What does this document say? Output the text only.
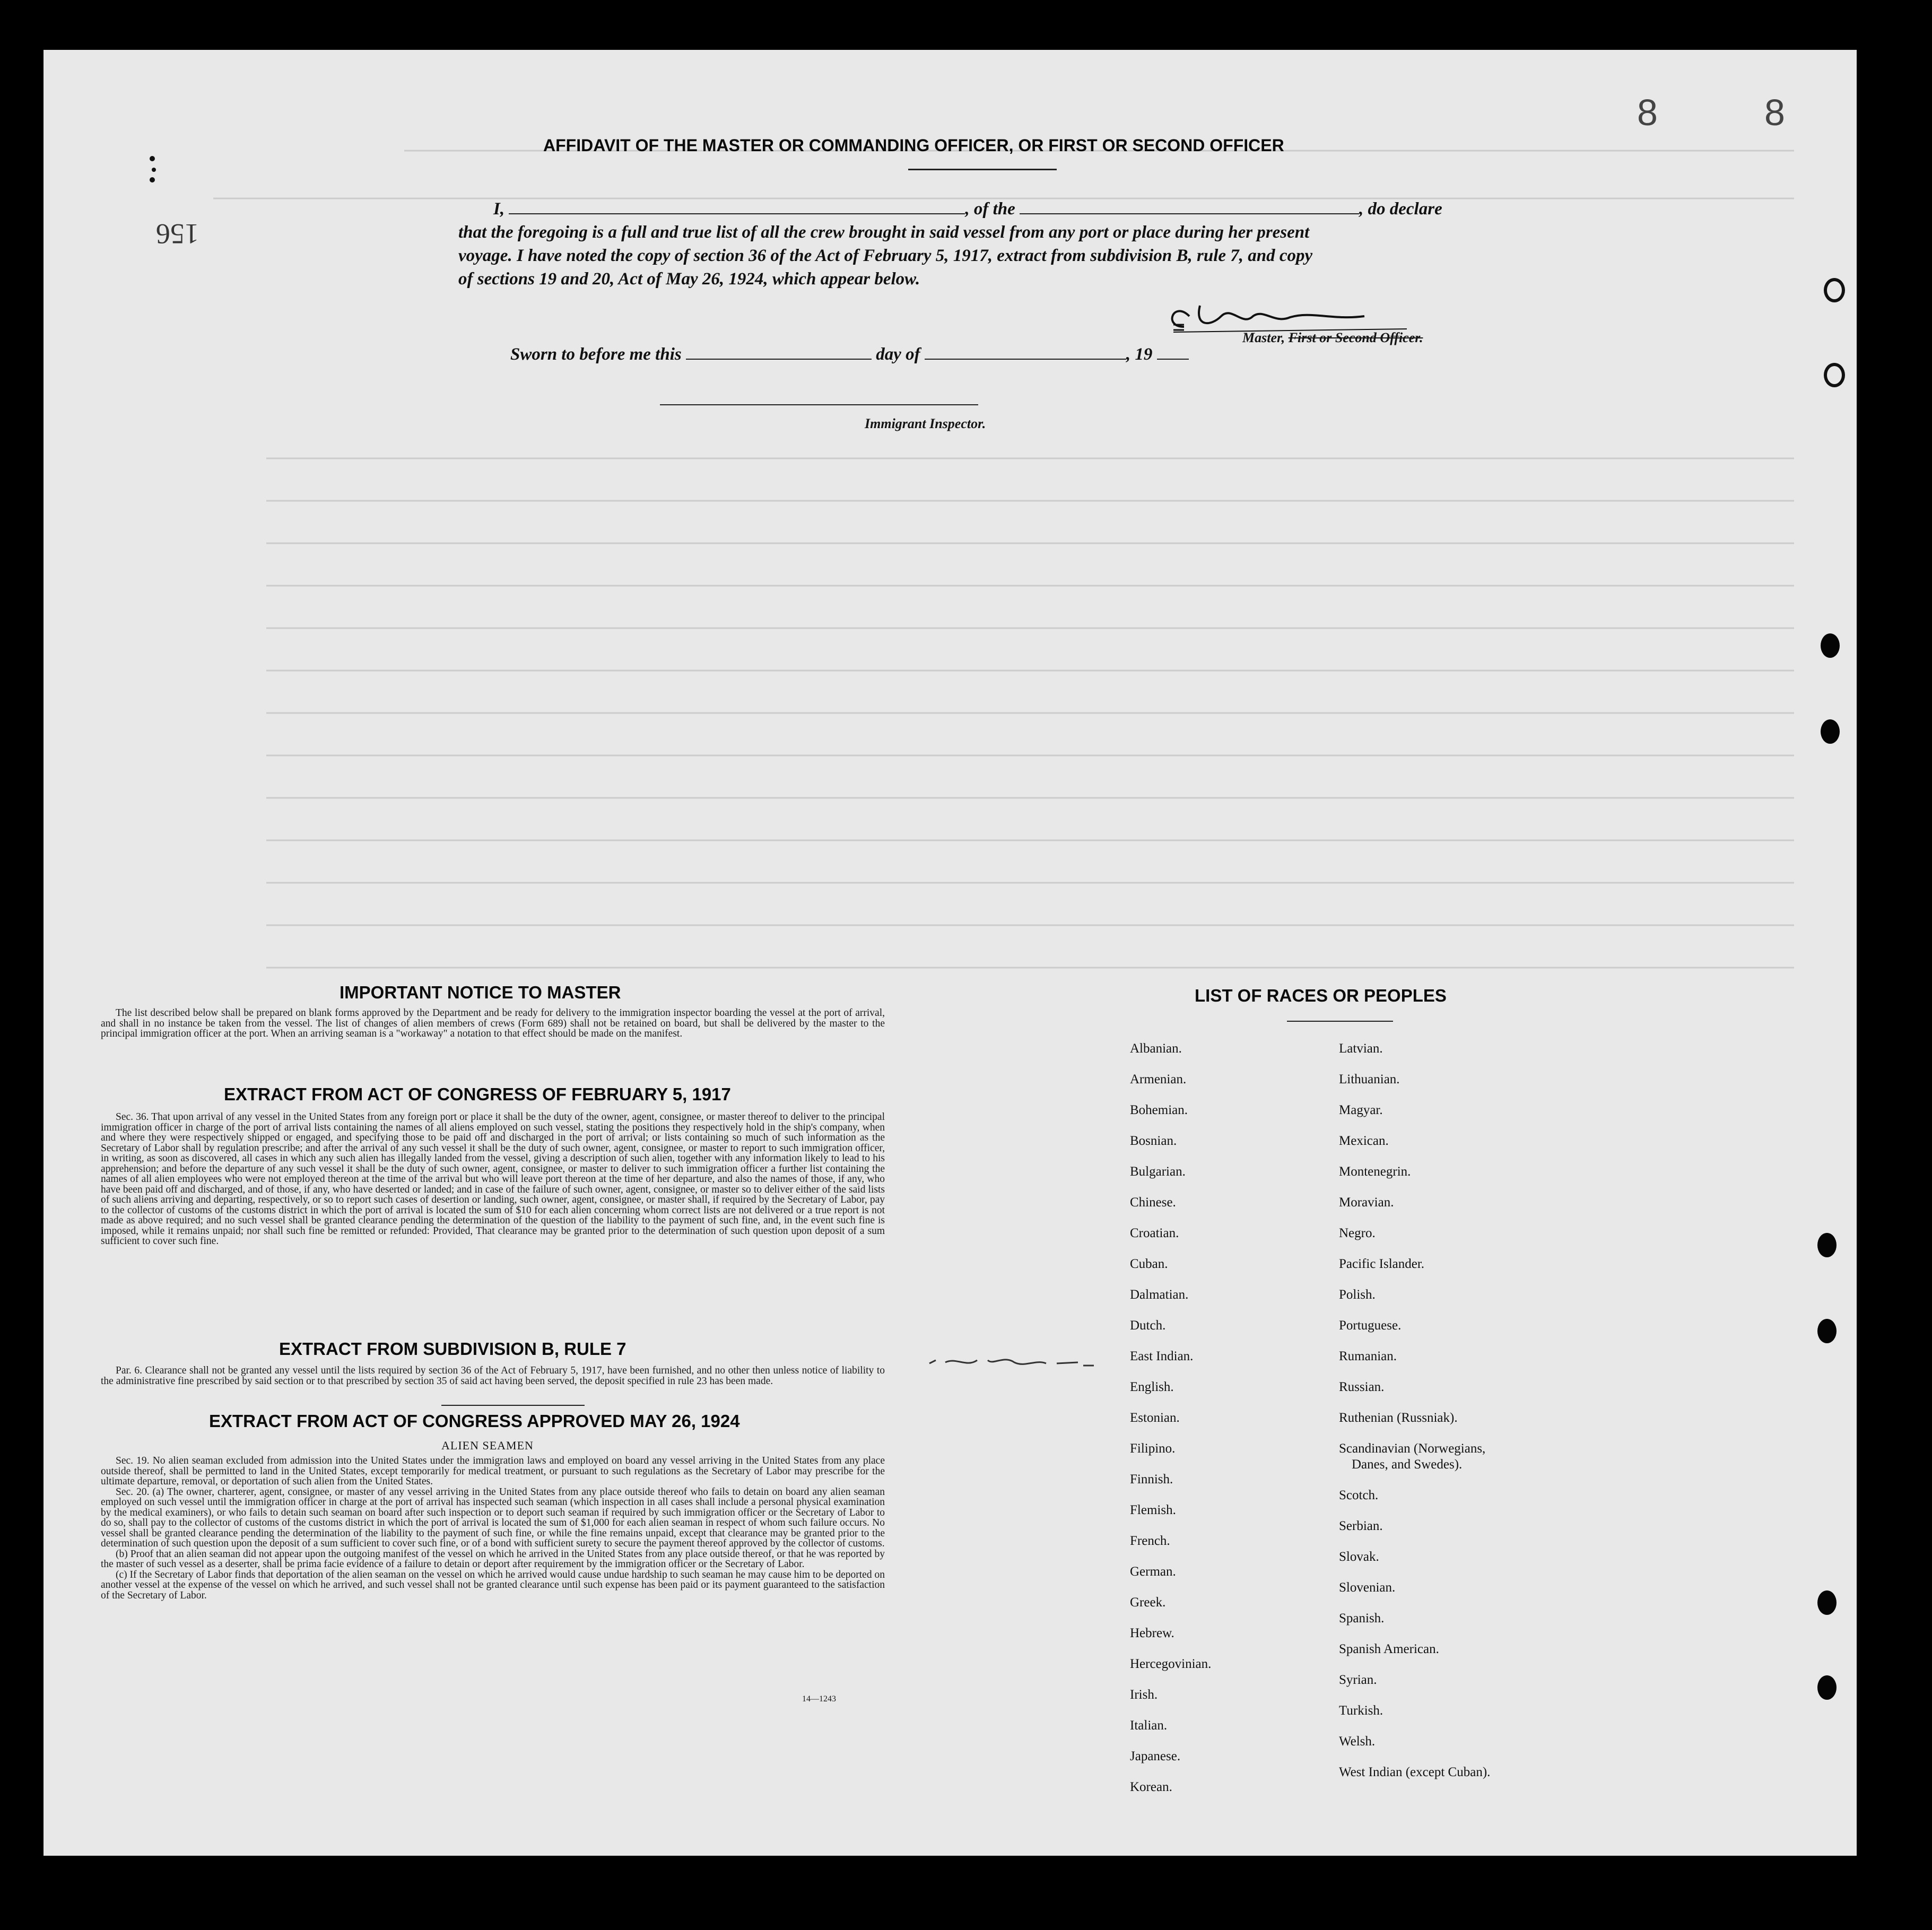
8	8
156
AFFIDAVIT OF THE MASTER OR COMMANDING OFFICER, OR FIRST OR SECOND OFFICER
I,	, of the	, do declare
that the foregoing is a full and true list of all the crew brought in said vessel from any port or place during her present
voyage. I have noted the copy of section 36 of the Act of February 5, 1917, extract from subdivision B, rule 7, and copy
of sections 19 and 20, Act of May 26, 1924, which appear below.
Master, First or Second Officer.
Sworn to before me this	day of	, 19
Immigrant Inspector.
IMPORTANT NOTICE TO MASTER

The list described below shall be prepared on blank forms approved by the Department and be ready for delivery to the immigration inspector boarding the vessel at the port of arrival, and shall in no instance be taken from the vessel. The list of changes of alien members of crews (Form 689) shall not be retained on board, but shall be delivered by the master to the principal immigration officer at the port. When an arriving seaman is a "workaway" a notation to that effect should be made on the manifest.

EXTRACT FROM ACT OF CONGRESS OF FEBRUARY 5, 1917

Sec. 36. That upon arrival of any vessel in the United States from any foreign port or place it shall be the duty of the owner, agent, consignee, or master thereof to deliver to the principal immigration officer in charge of the port of arrival lists containing the names of all aliens employed on such vessel, stating the positions they respectively hold in the ship's company, when and where they were respectively shipped or engaged, and specifying those to be paid off and discharged in the port of arrival; or lists containing so much of such information as the Secretary of Labor shall by regulation prescribe; and after the arrival of any such vessel it shall be the duty of such owner, agent, consignee, or master to report to such immigration officer, in writing, as soon as discovered, all cases in which any such alien has illegally landed from the vessel, giving a description of such alien, together with any information likely to lead to his apprehension; and before the departure of any such vessel it shall be the duty of such owner, agent, consignee, or master to deliver to such immigration officer a further list containing the names of all alien employees who were not employed thereon at the time of the arrival but who will leave port thereon at the time of her departure, and also the names of those, if any, who have been paid off and discharged, and of those, if any, who have deserted or landed; and in case of the failure of such owner, agent, consignee, or master so to deliver either of the said lists of such aliens arriving and departing, respectively, or so to report such cases of desertion or landing, such owner, agent, consignee, or master shall, if required by the Secretary of Labor, pay to the collector of customs of the customs district in which the port of arrival is located the sum of $10 for each alien concerning whom correct lists are not delivered or a true report is not made as above required; and no such vessel shall be granted clearance pending the determination of the question of the liability to the payment of such fine, and, in the event such fine is imposed, while it remains unpaid; nor shall such fine be remitted or refunded: Provided, That clearance may be granted prior to the determination of such question upon deposit of a sum sufficient to cover such fine.

EXTRACT FROM SUBDIVISION B, RULE 7

Par. 6. Clearance shall not be granted any vessel until the lists required by section 36 of the Act of February 5, 1917, have been furnished, and no other then unless notice of liability to the administrative fine prescribed by said section or to that prescribed by section 35 of said act having been served, the deposit specified in rule 23 has been made.

EXTRACT FROM ACT OF CONGRESS APPROVED MAY 26, 1924
ALIEN SEAMEN

Sec. 19. No alien seaman excluded from admission into the United States under the immigration laws and employed on board any vessel arriving in the United States from any place outside thereof, shall be permitted to land in the United States, except temporarily for medical treatment, or pursuant to such regulations as the Secretary of Labor may prescribe for the ultimate departure, removal, or deportation of such alien from the United States.

Sec. 20. (a) The owner, charterer, agent, consignee, or master of any vessel arriving in the United States from any place outside thereof who fails to detain on board any alien seaman employed on such vessel until the immigration officer in charge at the port of arrival has inspected such seaman (which inspection in all cases shall include a personal physical examination by the medical examiners), or who fails to detain such seaman on board after such inspection or to deport such seaman if required by such immigration officer or the Secretary of Labor to do so, shall pay to the collector of customs of the customs district in which the port of arrival is located the sum of $1,000 for each alien seaman in respect of whom such failure occurs. No vessel shall be granted clearance pending the determination of the liability to the payment of such fine, or while the fine remains unpaid, except that clearance may be granted prior to the determination of such question upon the deposit of a sum sufficient to cover such fine, or of a bond with sufficient surety to secure the payment thereof approved by the collector of customs.

(b) Proof that an alien seaman did not appear upon the outgoing manifest of the vessel on which he arrived in the United States from any place outside thereof, or that he was reported by the master of such vessel as a deserter, shall be prima facie evidence of a failure to detain or deport after requirement by the immigration officer or the Secretary of Labor.

(c) If the Secretary of Labor finds that deportation of the alien seaman on the vessel on which he arrived would cause undue hardship to such seaman he may cause him to be deported on another vessel at the expense of the vessel on which he arrived, and such vessel shall not be granted clearance until such expense has been paid or its payment guaranteed to the satisfaction of the Secretary of Labor.

14—1243
LIST OF RACES OR PEOPLES
Albanian.
Armenian.
Bohemian.
Bosnian.
Bulgarian.
Chinese.
Croatian.
Cuban.
Dalmatian.
Dutch.
East Indian.
English.
Estonian.
Filipino.
Finnish.
Flemish.
French.
German.
Greek.
Hebrew.
Hercegovinian.
Irish.
Italian.
Japanese.
Korean.
Latvian.
Lithuanian.
Magyar.
Mexican.
Montenegrin.
Moravian.
Negro.
Pacific Islander.
Polish.
Portuguese.
Rumanian.
Russian.
Ruthenian (Russniak).
Scandinavian (Norwegians,
Danes, and Swedes).
Scotch.
Serbian.
Slovak.
Slovenian.
Spanish.
Spanish American.
Syrian.
Turkish.
Welsh.
West Indian (except Cuban).
